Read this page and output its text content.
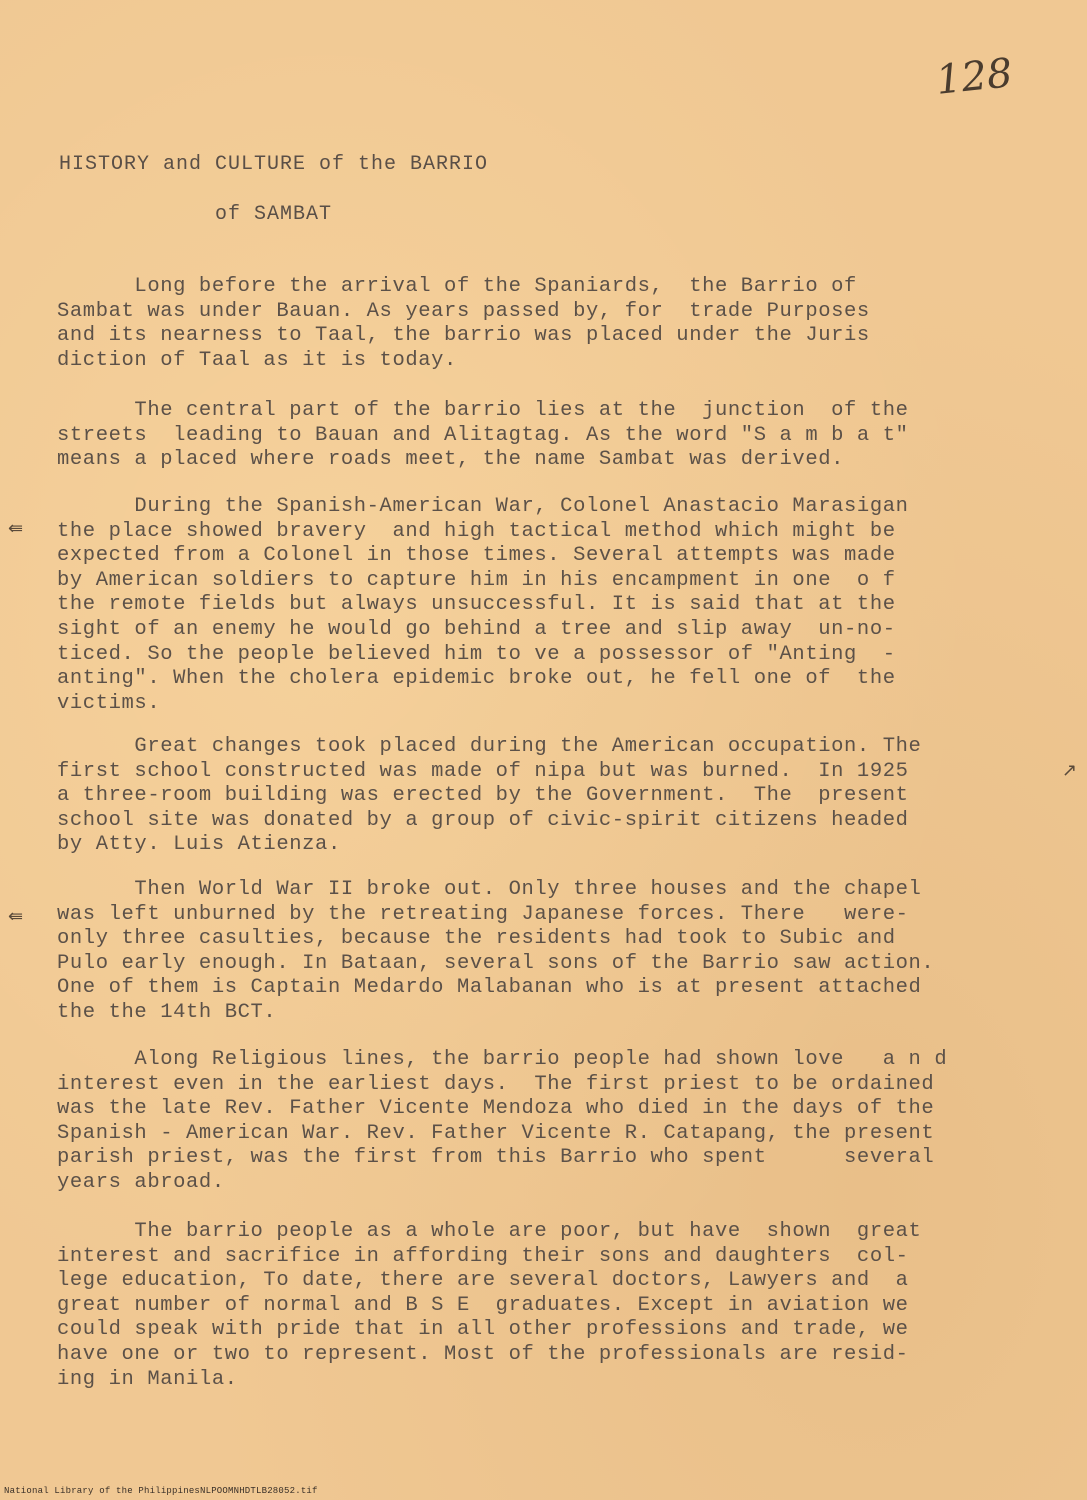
128
HISTORY and CULTURE of the BARRIO
of SAMBAT

Long before the arrival of the Spaniards,  the Barrio of
Sambat was under Bauan. As years passed by, for  trade Purposes
and its nearness to Taal, the barrio was placed under the Juris
diction of Taal as it is today.

The central part of the barrio lies at the  junction  of the
streets  leading to Bauan and Alitagtag. As the word "S a m b a t"
means a placed where roads meet, the name Sambat was derived.

During the Spanish-American War, Colonel Anastacio Marasigan
the place showed bravery  and high tactical method which might be
expected from a Colonel in those times. Several attempts was made
by American soldiers to capture him in his encampment in one  o f
the remote fields but always unsuccessful. It is said that at the
sight of an enemy he would go behind a tree and slip away  un-no-
ticed. So the people believed him to ve a possessor of "Anting  -
anting". When the cholera epidemic broke out, he fell one of  the
victims.

Great changes took placed during the American occupation. The
first school constructed was made of nipa but was burned.  In 1925
a three-room building was erected by the Government.  The  present
school site was donated by a group of civic-spirit citizens headed
by Atty. Luis Atienza.

Then World War II broke out. Only three houses and the chapel
was left unburned by the retreating Japanese forces. There   were-
only three casulties, because the residents had took to Subic and
Pulo early enough. In Bataan, several sons of the Barrio saw action.
One of them is Captain Medardo Malabanan who is at present attached
the the 14th BCT.

Along Religious lines, the barrio people had shown love   a n d
interest even in the earliest days.  The first priest to be ordained
was the late Rev. Father Vicente Mendoza who died in the days of the
Spanish - American War. Rev. Father Vicente R. Catapang, the present
parish priest, was the first from this Barrio who spent      several
years abroad.

The barrio people as a whole are poor, but have  shown  great
interest and sacrifice in affording their sons and daughters  col-
lege education, To date, there are several doctors, Lawyers and  a
great number of normal and B S E  graduates. Except in aviation we
could speak with pride that in all other professions and trade, we
have one or two to represent. Most of the professionals are resid-
ing in Manila.

⇚
⇚
↗
National Library of the Philippines NLPOOMNHDTLB28052.tif
